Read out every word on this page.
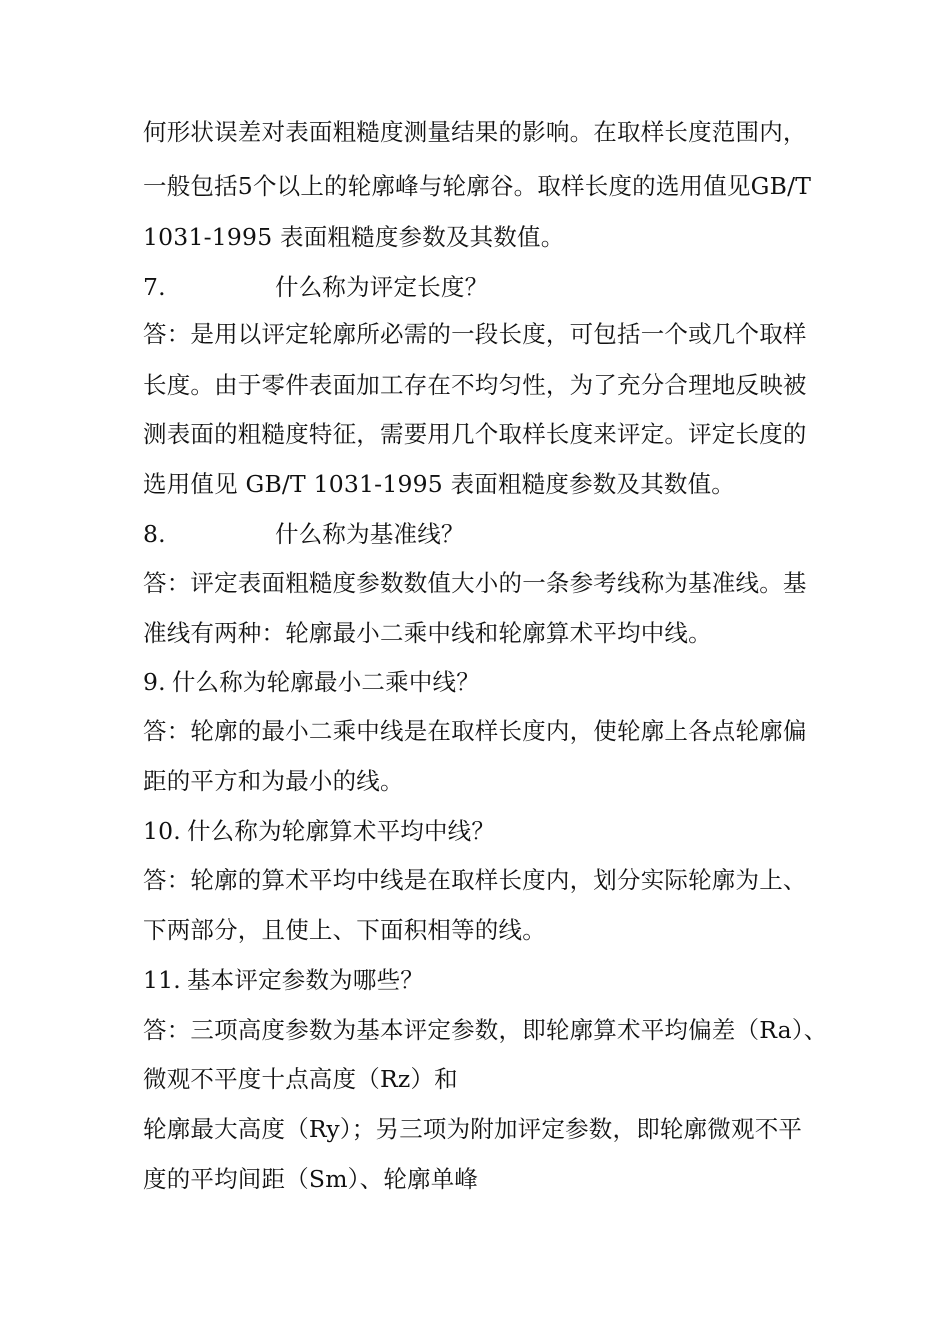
何形状误差对表面粗糙度测量结果的影响。在取样长度范围内，
一般包括5个以上的轮廓峰与轮廓谷。取样长度的选用值见GB/T
1031-1995 表面粗糙度参数及其数值。
7.	什么称为评定长度？
答：是用以评定轮廓所必需的一段长度，可包括一个或几个取样
长度。由于零件表面加工存在不均匀性，为了充分合理地反映被
测表面的粗糙度特征，需要用几个取样长度来评定。评定长度的
选用值见 GB/T 1031-1995 表面粗糙度参数及其数值。
8.	什么称为基准线？
答：评定表面粗糙度参数数值大小的一条参考线称为基准线。基
准线有两种：轮廓最小二乘中线和轮廓算术平均中线。
9. 什么称为轮廓最小二乘中线？
答：轮廓的最小二乘中线是在取样长度内，使轮廓上各点轮廓偏
距的平方和为最小的线。
10. 什么称为轮廓算术平均中线？
答：轮廓的算术平均中线是在取样长度内，划分实际轮廓为上、
下两部分，且使上、下面积相等的线。
11. 基本评定参数为哪些？
答：三项高度参数为基本评定参数，即轮廓算术平均偏差（Ra）、
微观不平度十点高度（Rz）和
轮廓最大高度（Ry）；另三项为附加评定参数，即轮廓微观不平
度的平均间距（Sm）、轮廓单峰
